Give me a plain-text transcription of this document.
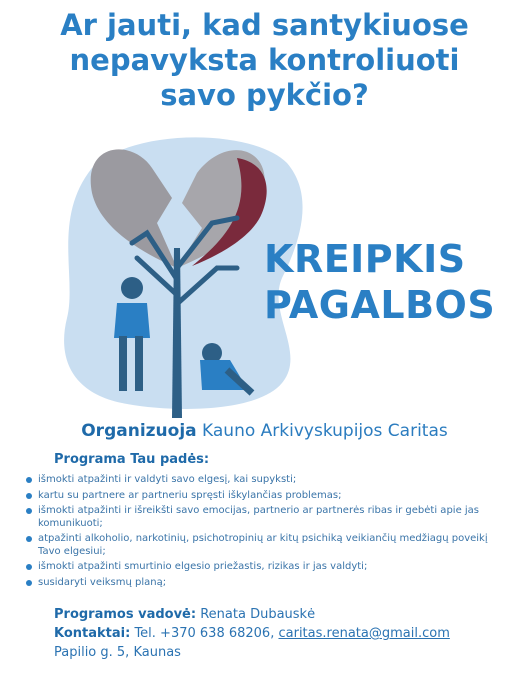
Ar jauti, kad santykiuose
nepavyksta kontroliuoti
savo pykčio?
KREIPKIS
PAGALBOS
Organizuoja Kauno Arkivyskupijos Caritas
Programa Tau padės:
išmokti atpažinti ir valdyti savo elgesį, kai supyksti;
kartu su partnere ar partneriu spręsti iškylančias problemas;
išmokti atpažinti ir išreikšti savo emocijas, partnerio ar partnerės ribas ir gebėti apie jas komunikuoti;
atpažinti alkoholio, narkotinių, psichotropinių ar kitų psichiką veikiančių medžiagų poveikį Tavo elgesiui;
išmokti atpažinti smurtinio elgesio priežastis, rizikas ir jas valdyti;
susidaryti veiksmų planą;
Programos vadovė: Renata Dubauskė
Kontaktai: Tel. +370 638 68206, caritas.renata@gmail.com
Papilio g. 5, Kaunas
